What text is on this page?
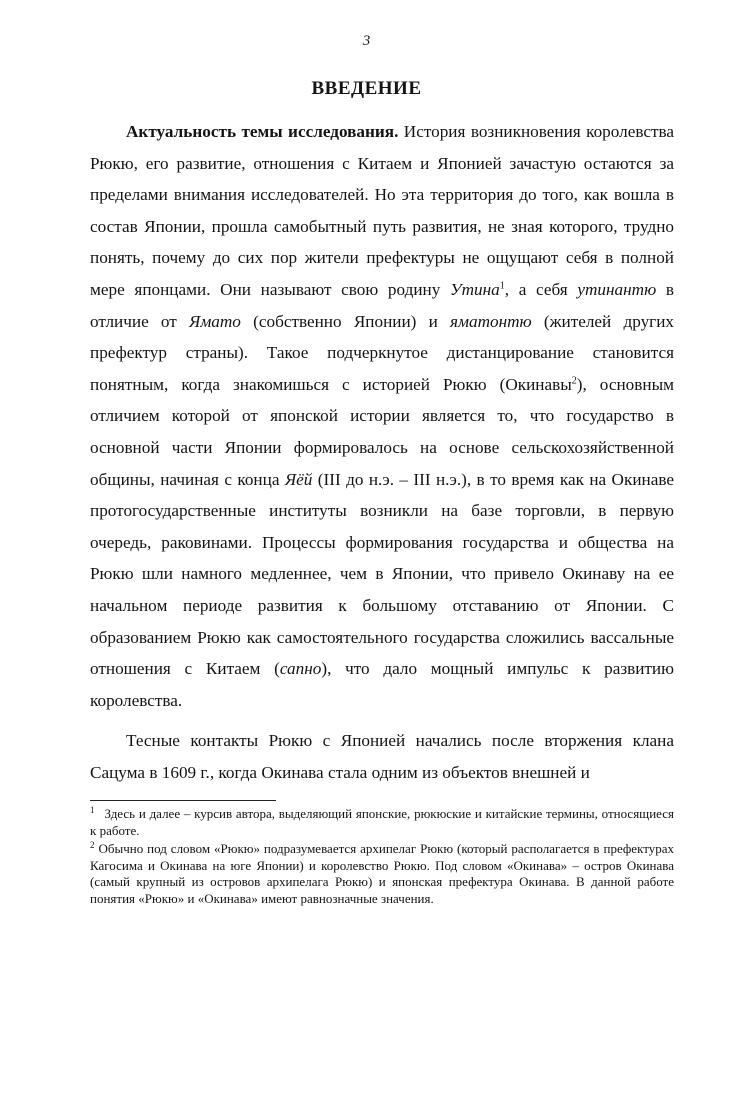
3
ВВЕДЕНИЕ

Актуальность темы исследования. История возникновения королевства Рюкю, его развитие, отношения с Китаем и Японией зачастую остаются за пределами внимания исследователей. Но эта территория до того, как вошла в состав Японии, прошла самобытный путь развития, не зная которого, трудно понять, почему до сих пор жители префектуры не ощущают себя в полной мере японцами. Они называют свою родину Утина$^1$, а себя утинантю в отличие от Ямато (собственно Японии) и яматонтю (жителей других префектур страны). Такое подчеркнутое дистанцирование становится понятным, когда знакомишься с историей Рюкю (Окинавы$^2$), основным отличием которой от японской истории является то, что государство в основной части Японии формировалось на основе сельскохозяйственной общины, начиная с конца Яёй (III до н.э. – III н.э.), в то время как на Окинаве протогосударственные институты возникли на базе торговли, в первую очередь, раковинами. Процессы формирования государства и общества на Рюкю шли намного медленнее, чем в Японии, что привело Окинаву на ее начальном периоде развития к большому отставанию от Японии. С образованием Рюкю как самостоятельного государства сложились вассальные отношения с Китаем (сапно), что дало мощный импульс к развитию королевства.

Тесные контакты Рюкю с Японией начались после вторжения клана Сацума в 1609 г., когда Окинава стала одним из объектов внешней и

$^1$ Здесь и далее – курсив автора, выделяющий японские, рюкюские и китайские термины, относящиеся к работе.

$^2$ Обычно под словом «Рюкю» подразумевается архипелаг Рюкю (который располагается в префектурах Кагосима и Окинава на юге Японии) и королевство Рюкю. Под словом «Окинава» – остров Окинава (самый крупный из островов архипелага Рюкю) и японская префектура Окинава. В данной работе понятия «Рюкю» и «Окинава» имеют равнозначные значения.
